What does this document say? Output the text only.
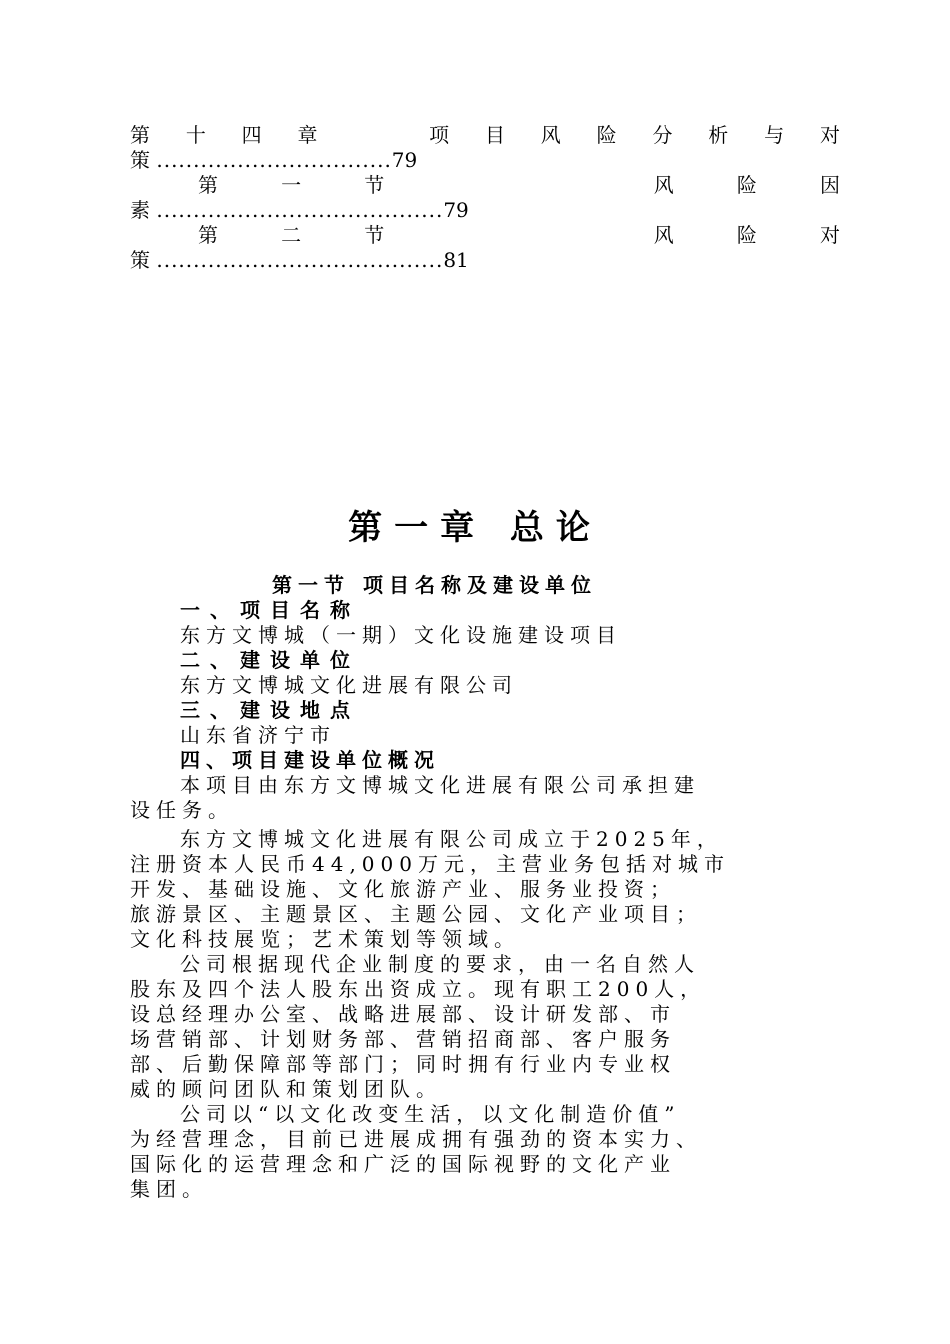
第 十 四 章	项 目 风 险 分 析 与 对
策 ................................79
第	一	节	风	险	因
素 .......................................79
第	二	节	风	险	对
策 .......................................81
第一章 总论
第一节 项目名称及建设单位
一、项目名称
东方文博城（一期）文化设施建设项目
二、建设单位
东方文博城文化进展有限公司
三、建设地点
山东省济宁市
四、项目建设单位概况
本项目由东方文博城文化进展有限公司承担建
设任务。
东方文博城文化进展有限公司成立于2025年，
注册资本人民币44,000万元，主营业务包括对城市
开发、基础设施、文化旅游产业、服务业投资；
旅游景区、主题景区、主题公园、文化产业项目；
文化科技展览；艺术策划等领域。
公司根据现代企业制度的要求，由一名自然人
股东及四个法人股东出资成立。现有职工200人，
设总经理办公室、战略进展部、设计研发部、市
场营销部、计划财务部、营销招商部、客户服务
部、后勤保障部等部门；同时拥有行业内专业权
威的顾问团队和策划团队。
公司以“以文化改变生活，以文化制造价值”
为经营理念，目前已进展成拥有强劲的资本实力、
国际化的运营理念和广泛的国际视野的文化产业
集团。
